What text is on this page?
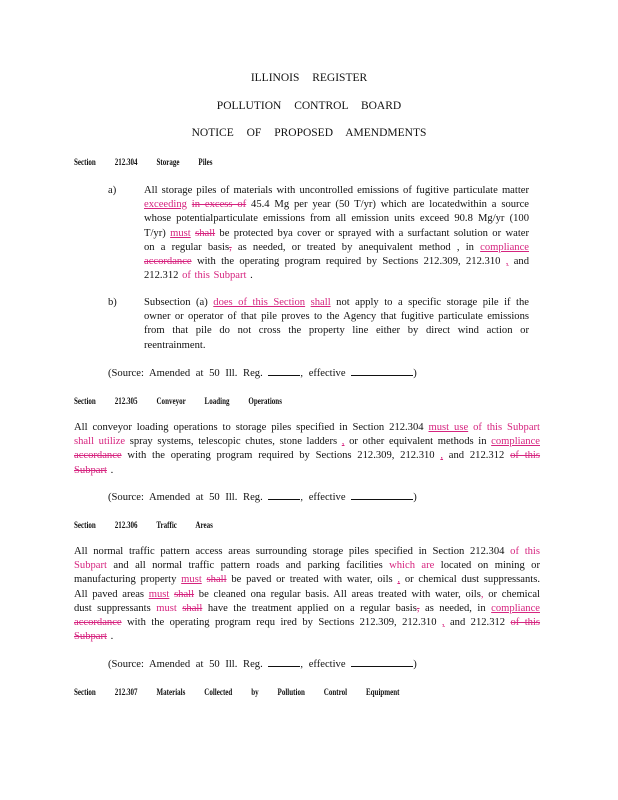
ILLINOIS REGISTER
POLLUTION CONTROL BOARD
NOTICE OF PROPOSED AMENDMENTS
Section 212.304 Storage Piles
a)	All storage piles of materials with uncontrolled emissions of fugitive particulate matter exceeding in excess of 45.4 Mg per year (50 T/yr) which are locatedwithin a source whose potentialparticulate emissions from all emission units exceed 90.8 Mg/yr (100 T/yr) must shall be protected bya cover or sprayed with a surfactant solution or water on a regular basis, as needed, or treated by anequivalent method , in compliance accordance with the operating program required by Sections 212.309, 212.310 , and 212.312 of this Subpart .
b)	Subsection (a) does of this Section shall not apply to a specific storage pile if the owner or operator of that pile proves to the Agency that fugitive particulate emissions from that pile do not cross the property line either by direct wind action or reentrainment.
(Source: Amended at 50 Ill. Reg.	, effective	)
Section 212.305 Conveyor Loading Operations
All conveyor loading operations to storage piles specified in Section 212.304 must use of this Subpart shall utilize spray systems, telescopic chutes, stone ladders , or other equivalent methods in compliance accordance with the operating program required by Sections 212.309, 212.310 , and 212.312 of this Subpart .
(Source: Amended at 50 Ill. Reg.	, effective	)
Section 212.306 Traffic Areas
All normal traffic pattern access areas surrounding storage piles specified in Section 212.304 of this Subpart and all normal traffic pattern roads and parking facilities which are located on mining or manufacturing property must shall be paved or treated with water, oils , or chemical dust suppressants. All paved areas must shall be cleaned ona regular basis. All areas treated with water, oils, or chemical dust suppressants must shall have the treatment applied on a regular basis, as needed, in compliance accordance with the operating program requ ired by Sections 212.309, 212.310 , and 212.312 of this Subpart .
(Source: Amended at 50 Ill. Reg.	, effective	)
Section 212.307 Materials Collected by Pollution Control Equipment
